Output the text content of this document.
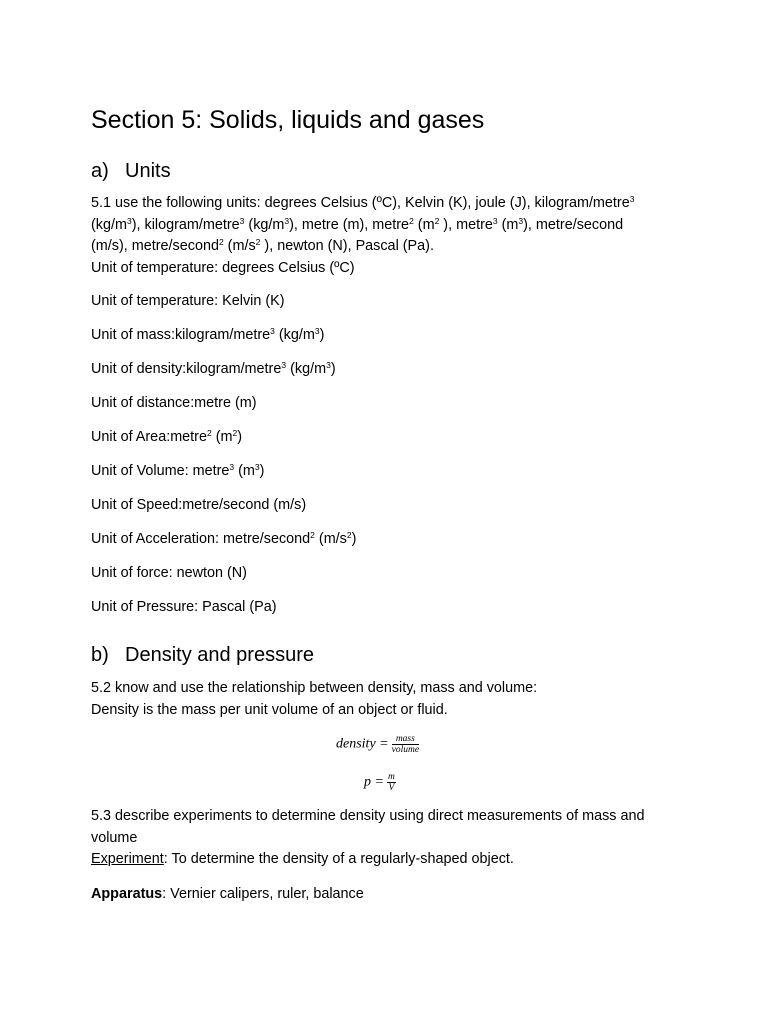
Section 5: Solids, liquids and gases
a) Units
5.1 use the following units: degrees Celsius (ºC), Kelvin (K), joule (J), kilogram/metre$^3$
$(kg/m^3)$, kilogram/metre$^3$ $(kg/m^3)$, metre (m), metre$^2$ ($m^2$ ), metre$^3$ $(m^3)$, metre/second
(m/s), metre/second$^2$ ($m/s^2$ ), newton (N), Pascal (Pa).
Unit of temperature: degrees Celsius (ºC)
Unit of temperature: Kelvin (K)
Unit of mass:kilogram/metre$^3$ $(kg/m^3)$
Unit of density:kilogram/metre$^3$ $(kg/m^3)$
Unit of distance:metre (m)
Unit of Area:metre$^2$ $(m^2)$
Unit of Volume: metre$^3$ $(m^3)$
Unit of Speed:metre/second (m/s)
Unit of Acceleration: metre/second$^2$ $(m/s^2)$
Unit of force: newton (N)
Unit of Pressure: Pascal (Pa)
b) Density and pressure
5.2 know and use the relationship between density, mass and volume:
Density is the mass per unit volume of an object or fluid.
density = $\frac{\text{mass}}{\text{volume}}$
$p = \frac{m}{V}$
5.3 describe experiments to determine density using direct measurements of mass and
volume
Experiment: To determine the density of a regularly-shaped object.
Apparatus: Vernier calipers, ruler, balance
